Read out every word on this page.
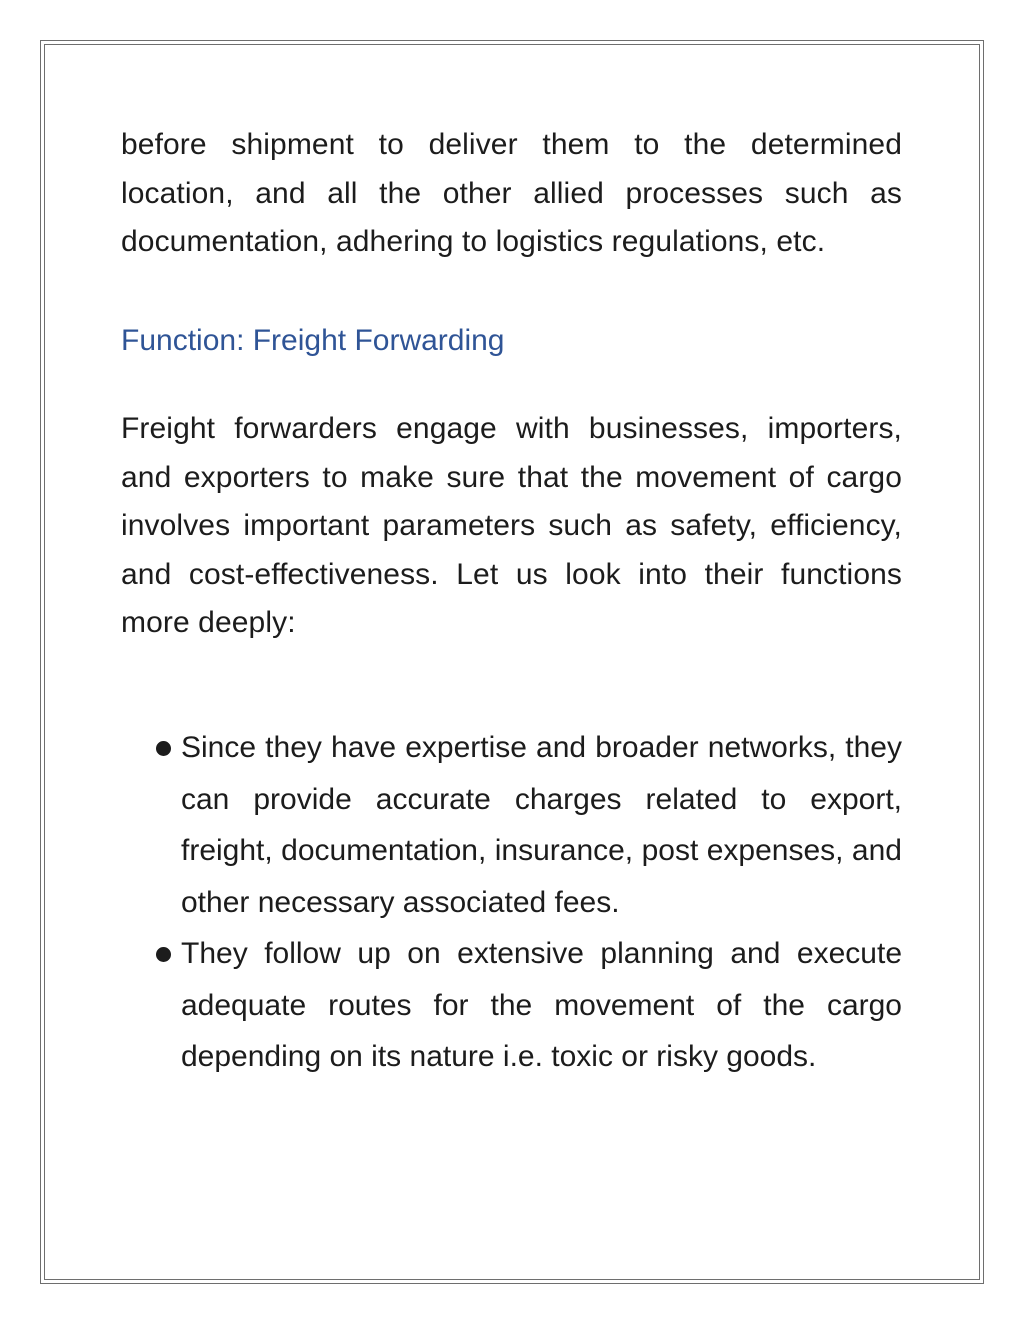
before shipment to deliver them to the determined location, and all the other allied processes such as documentation, adhering to logistics regulations, etc.

Function: Freight Forwarding

Freight forwarders engage with businesses, importers, and exporters to make sure that the movement of cargo involves important parameters such as safety, efficiency, and cost-effectiveness. Let us look into their functions more deeply:

Since they have expertise and broader networks, they can provide accurate charges related to export, freight, documentation, insurance, post expenses, and other necessary associated fees.
They follow up on extensive planning and execute adequate routes for the movement of the cargo depending on its nature i.e. toxic or risky goods.
